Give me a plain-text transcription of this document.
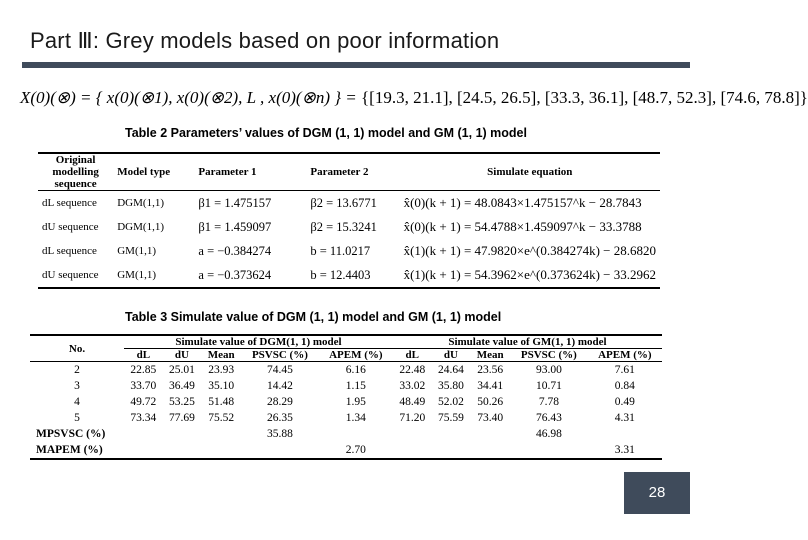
Part Ⅲ: Grey models based on poor information
X(0)(⊗) = { x(0)(⊗1), x(0)(⊗2), L , x(0)(⊗n) } = {[19.3, 21.1], [24.5, 26.5], [33.3, 36.1], [48.7, 52.3], [74.6, 78.8]}
Table 2 Parameters’ values of DGM (1, 1) model and GM (1, 1) model
Original modelling sequence	Model type	Parameter 1	Parameter 2	Simulate equation
dL sequence	DGM(1,1)	β1 = 1.475157	β2 = 13.6771	x̂(0)(k + 1) = 48.0843×1.475157^k − 28.7843
dU sequence	DGM(1,1)	β1 = 1.459097	β2 = 15.3241	x̂(0)(k + 1) = 54.4788×1.459097^k − 33.3788
dL sequence	GM(1,1)	a = −0.384274	b = 11.0217	x̂(1)(k + 1) = 47.9820×e^(0.384274k) − 28.6820
dU sequence	GM(1,1)	a = −0.373624	b = 12.4403	x̂(1)(k + 1) = 54.3962×e^(0.373624k) − 33.2962
Table 3 Simulate value of DGM (1, 1) model and GM (1, 1) model
No.	Simulate value of DGM(1, 1) model					Simulate value of GM(1, 1) model				
	dL	dU	Mean	PSVSC (%)	APEM (%)	dL	dU	Mean	PSVSC (%)	APEM (%)
2	22.85	25.01	23.93	74.45	6.16	22.48	24.64	23.56	93.00	7.61
3	33.70	36.49	35.10	14.42	1.15	33.02	35.80	34.41	10.71	0.84
4	49.72	53.25	51.48	28.29	1.95	48.49	52.02	50.26	7.78	0.49
5	73.34	77.69	75.52	26.35	1.34	71.20	75.59	73.40	76.43	4.31
MPSVSC (%)				35.88					46.98	
MAPEM (%)					2.70					3.31
28
